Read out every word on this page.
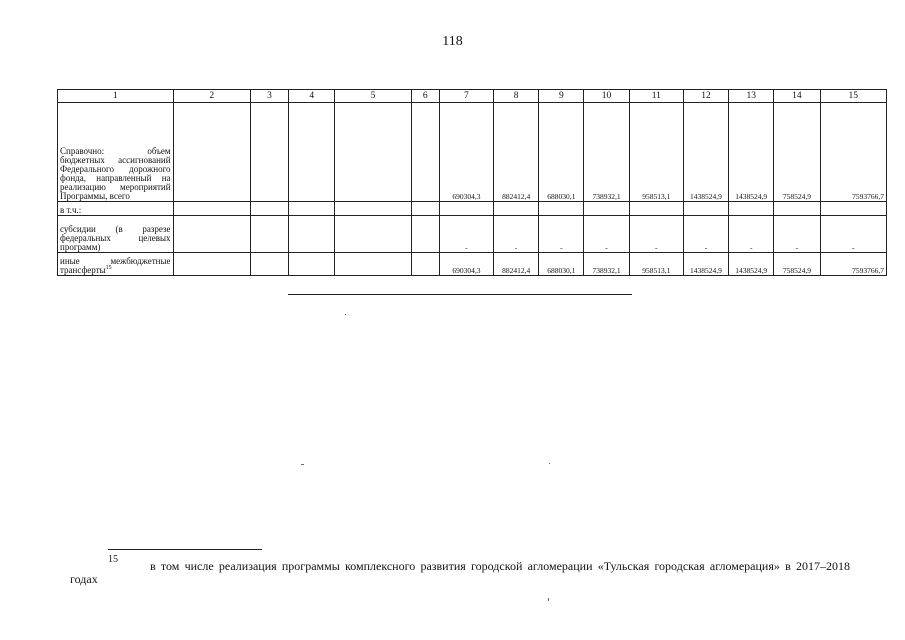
118
1	2	3	4	5	6	7	8	9	10	11	12	13	14	15
Справочно: объем бюджетных ассигнований Федерального дорожного фонда, направленный на реализацию мероприятий Программы, всего						690304,3	882412,4	688030,1	738932,1	958513,1	1438524,9	1438524,9	758524,9	7593766,7
в т.ч.:														
субсидии (в разрезе федеральных целевых программ)						-	-	-	-	-	-	-	-	-
иные межбюджетные трансферты$^{15}$						690304,3	882412,4	688030,1	738932,1	958513,1	1438524,9	1438524,9	758524,9	7593766,7
15	в том числе реализация программы комплексного развития городской агломерации «Тульская городская агломерация» в 2017–2018 годах
